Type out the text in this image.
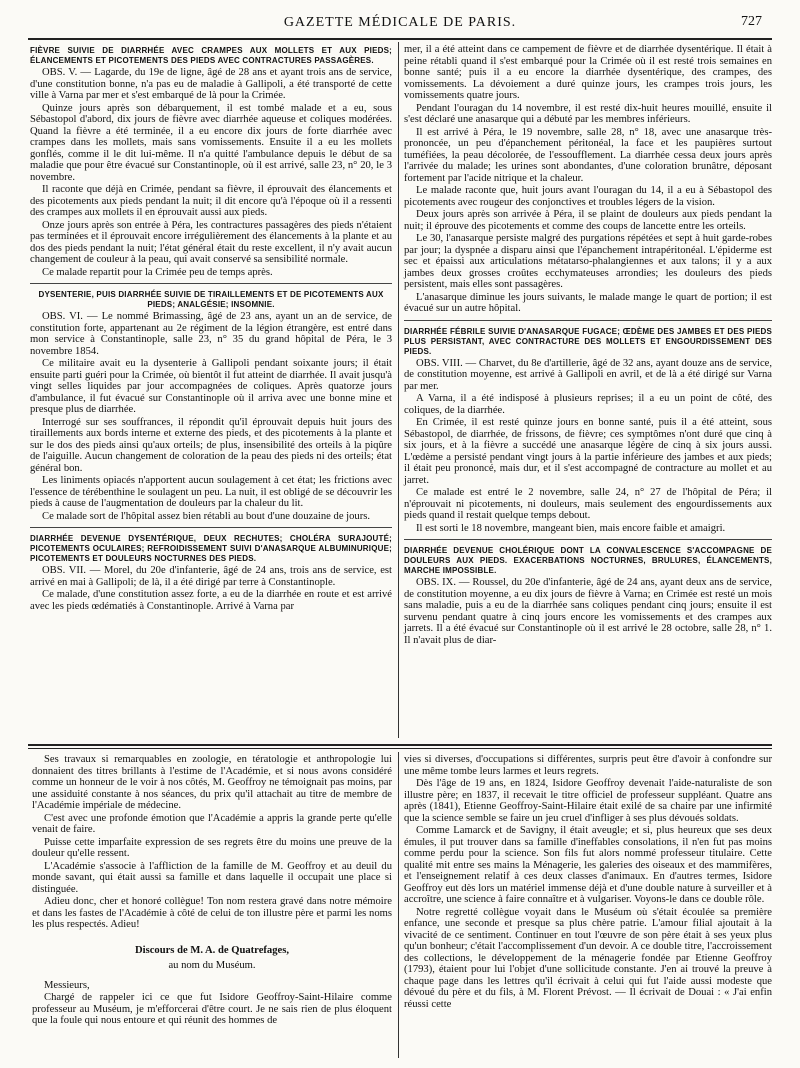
GAZETTE MÉDICALE DE PARIS.	727

FIÈVRE SUIVIE DE DIARRHÉE AVEC CRAMPES AUX MOLLETS ET AUX PIEDS; ÉLANCEMENTS ET PICOTEMENTS DES PIEDS AVEC CONTRACTURES PASSAGÈRES.

OBS. V. — Lagarde, du 19e de ligne, âgé de 28 ans et ayant trois ans de service, d'une constitution bonne, n'a pas eu de maladie à Gallipoli, a été transporté de cette ville à Varna par mer et s'est embarqué de là pour la Crimée.

Quinze jours après son débarquement, il est tombé malade et a eu, sous Sébastopol d'abord, dix jours de fièvre avec diarrhée aqueuse et coliques modérées. Quand la fièvre a été terminée, il a eu encore dix jours de forte diarrhée avec crampes dans les mollets, mais sans vomissements. Ensuite il a eu les mollets gonflés, comme il le dit lui-même. Il n'a quitté l'ambulance depuis le début de sa maladie que pour être évacué sur Constantinople, où il est arrivé, salle 23, n° 20, le 3 novembre.

Il raconte que déjà en Crimée, pendant sa fièvre, il éprouvait des élancements et des picotements aux pieds pendant la nuit; il dit encore qu'à l'époque où il a ressenti des crampes aux mollets il en éprouvait aussi aux pieds.

Onze jours après son entrée à Péra, les contractures passagères des pieds n'étaient pas terminées et il éprouvait encore irrégulièrement des élancements à la plante et au dos des pieds pendant la nuit; l'état général était du reste excellent, il n'y avait aucun changement de couleur à la peau, qui avait conservé sa sensibilité normale.

Ce malade repartit pour la Crimée peu de temps après.

DYSENTERIE, PUIS DIARRHÉE SUIVIE DE TIRAILLEMENTS ET DE PICOTEMENTS AUX PIEDS; ANALGÉSIE; INSOMNIE.

OBS. VI. — Le nommé Brimassing, âgé de 23 ans, ayant un an de service, de constitution forte, appartenant au 2e régiment de la légion étrangère, est entré dans mon service à Constantinople, salle 23, n° 35 du grand hôpital de Péra, le 3 novembre 1854.

Ce militaire avait eu la dysenterie à Gallipoli pendant soixante jours; il était ensuite parti guéri pour la Crimée, où bientôt il fut atteint de diarrhée. Il avait jusqu'à vingt selles liquides par jour accompagnées de coliques. Après quatorze jours d'ambulance, il fut évacué sur Constantinople où il arriva avec une bonne mine et presque plus de diarrhée.

Interrogé sur ses souffrances, il répondit qu'il éprouvait depuis huit jours des tiraillements aux bords interne et externe des pieds, et des picotements à la plante et sur le dos des pieds ainsi qu'aux orteils; de plus, insensibilité des orteils à la piqûre de l'aiguille. Aucun changement de coloration de la peau des pieds ni des orteils; état général bon.

Les liniments opiacés n'apportent aucun soulagement à cet état; les frictions avec l'essence de térébenthine le soulagent un peu. La nuit, il est obligé de se découvrir les pieds à cause de l'augmentation de douleurs par la chaleur du lit.

Ce malade sort de l'hôpital assez bien rétabli au bout d'une douzaine de jours.

DIARRHÉE DEVENUE DYSENTÉRIQUE, DEUX RECHUTES; CHOLÉRA SURAJOUTÉ; PICOTEMENTS OCULAIRES; REFROIDISSEMENT SUIVI D'ANASARQUE ALBUMINURIQUE; PICOTEMENTS ET DOULEURS NOCTURNES DES PIEDS.

OBS. VII. — Morel, du 20e d'infanterie, âgé de 24 ans, trois ans de service, est arrivé en mai à Gallipoli; de là, il a été dirigé par terre à Constantinople.

Ce malade, d'une constitution assez forte, a eu de la diarrhée en route et est arrivé avec les pieds œdématiés à Constantinople. Arrivé à Varna par

mer, il a été atteint dans ce campement de fièvre et de diarrhée dysentérique. Il était à peine rétabli quand il s'est embarqué pour la Crimée où il est resté trois semaines en bonne santé; puis il a eu encore la diarrhée dysentérique, des crampes, des vomissements. La dévoiement a duré quinze jours, les crampes trois jours, les vomissements quatre jours.

Pendant l'ouragan du 14 novembre, il est resté dix-huit heures mouillé, ensuite il s'est déclaré une anasarque qui a débuté par les membres inférieurs.

Il est arrivé à Péra, le 19 novembre, salle 28, n° 18, avec une anasarque très-prononcée, un peu d'épanchement péritonéal, la face et les paupières surtout tuméfiées, la peau décolorée, de l'essoufflement. La diarrhée cessa deux jours après l'arrivée du malade; les urines sont abondantes, d'une coloration brunâtre, déposant fortement par l'acide nitrique et la chaleur.

Le malade raconte que, huit jours avant l'ouragan du 14, il a eu à Sébastopol des picotements avec rougeur des conjonctives et troubles légers de la vision.

Deux jours après son arrivée à Péra, il se plaint de douleurs aux pieds pendant la nuit; il éprouve des picotements et comme des coups de lancette entre les orteils.

Le 30, l'anasarque persiste malgré des purgations répétées et sept à huit garde-robes par jour; la dyspnée a disparu ainsi que l'épanchement intrapéritonéal. L'épiderme est sec et épaissi aux articulations métatarso-phalangiennes et aux talons; il y a aux jambes deux grosses croûtes ecchymateuses arrondies; les douleurs des pieds persistent, mais elles sont passagères.

L'anasarque diminue les jours suivants, le malade mange le quart de portion; il est évacué sur un autre hôpital.

DIARRHÉE FÉBRILE SUIVIE D'ANASARQUE FUGACE; ŒDÈME DES JAMBES ET DES PIEDS PLUS PERSISTANT, AVEC CONTRACTURE DES MOLLETS ET ENGOURDISSEMENT DES PIEDS.

OBS. VIII. — Charvet, du 8e d'artillerie, âgé de 32 ans, ayant douze ans de service, de constitution moyenne, est arrivé à Gallipoli en avril, et de là a été dirigé sur Varna par mer.

A Varna, il a été indisposé à plusieurs reprises; il a eu un point de côté, des coliques, de la diarrhée.

En Crimée, il est resté quinze jours en bonne santé, puis il a été atteint, sous Sébastopol, de diarrhée, de frissons, de fièvre; ces symptômes n'ont duré que cinq à six jours, et à la fièvre a succédé une anasarque légère de cinq à six jours aussi. L'œdème a persisté pendant vingt jours à la partie inférieure des jambes et aux pieds; il était peu prononcé, mais dur, et il s'est accompagné de contracture au mollet et au jarret.

Ce malade est entré le 2 novembre, salle 24, n° 27 de l'hôpital de Péra; il n'éprouvait ni picotements, ni douleurs, mais seulement des engourdissements aux pieds quand il restait quelque temps debout.

Il est sorti le 18 novembre, mangeant bien, mais encore faible et amaigri.

DIARRHÉE DEVENUE CHOLÉRIQUE DONT LA CONVALESCENCE S'ACCOMPAGNE DE DOULEURS AUX PIEDS. EXACERBATIONS NOCTURNES, BRULURES, ÉLANCEMENTS, MARCHE IMPOSSIBLE.

OBS. IX. — Roussel, du 20e d'infanterie, âgé de 24 ans, ayant deux ans de service, de constitution moyenne, a eu dix jours de fièvre à Varna; en Crimée est resté un mois sans maladie, puis a eu de la diarrhée sans coliques pendant cinq jours; ensuite il est survenu pendant quatre à cinq jours encore les vomissements et des crampes aux jarrets. Il a été évacué sur Constantinople où il est arrivé le 28 octobre, salle 28, n° 1. Il n'avait plus de diar-

Ses travaux si remarquables en zoologie, en tératologie et anthropologie lui donnaient des titres brillants à l'estime de l'Académie, et si nous avons considéré comme un honneur de le voir à nos côtés, M. Geoffroy ne témoignait pas moins, par une assiduité constante à nos séances, du prix qu'il attachait au titre de membre de l'Académie impériale de médecine.

C'est avec une profonde émotion que l'Académie a appris la grande perte qu'elle venait de faire.

Puisse cette imparfaite expression de ses regrets être du moins une preuve de la douleur qu'elle ressent.

L'Académie s'associe à l'affliction de la famille de M. Geoffroy et au deuil du monde savant, qui était aussi sa famille et dans laquelle il occupait une place si distinguée.

Adieu donc, cher et honoré collègue! Ton nom restera gravé dans notre mémoire et dans les fastes de l'Académie à côté de celui de ton illustre père et parmi les noms les plus respectés. Adieu!

Discours de M. A. de Quatrefages,

au nom du Muséum.

Messieurs,

Chargé de rappeler ici ce que fut Isidore Geoffroy-Saint-Hilaire comme professeur au Muséum, je m'efforcerai d'être court. Je ne sais rien de plus éloquent que la foule qui nous entoure et qui réunit des hommes de

vies si diverses, d'occupations si différentes, surpris peut être d'avoir à confondre sur une même tombe leurs larmes et leurs regrets.

Dès l'âge de 19 ans, en 1824, Isidore Geoffroy devenait l'aide-naturaliste de son illustre père; en 1837, il recevait le titre officiel de professeur suppléant. Quatre ans après (1841), Etienne Geoffroy-Saint-Hilaire était exilé de sa chaire par une infirmité que la science semble se faire un jeu cruel d'infliger à ses plus dévoués soldats.

Comme Lamarck et de Savigny, il était aveugle; et si, plus heureux que ses deux émules, il put trouver dans sa famille d'ineffables consolations, il n'en fut pas moins comme perdu pour la science. Son fils fut alors nommé professeur titulaire. Cette qualité mit entre ses mains la Ménagerie, les galeries des oiseaux et des mammifères, et l'enseignement relatif à ces deux classes d'animaux. En d'autres termes, Isidore Geoffroy eut dès lors un matériel immense déjà et d'une double nature à surveiller et à accroître, une science à faire connaître et à vulgariser. Voyons-le dans ce double rôle.

Notre regretté collègue voyait dans le Muséum où s'était écoulée sa première enfance, une seconde et presque sa plus chère patrie. L'amour filial ajoutait à la vivacité de ce sentiment. Continuer en tout l'œuvre de son père était à ses yeux plus qu'un bonheur; c'était l'accomplissement d'un devoir. A ce double titre, l'accroissement des collections, le développement de la ménagerie fondée par Etienne Geoffroy (1793), étaient pour lui l'objet d'une sollicitude constante. J'en ai trouvé la preuve à chaque page dans les lettres qu'il écrivait à celui qui fut l'aide aussi modeste que dévoué du père et du fils, à M. Florent Prévost. — Il écrivait de Douai : « J'ai enfin réussi cette
